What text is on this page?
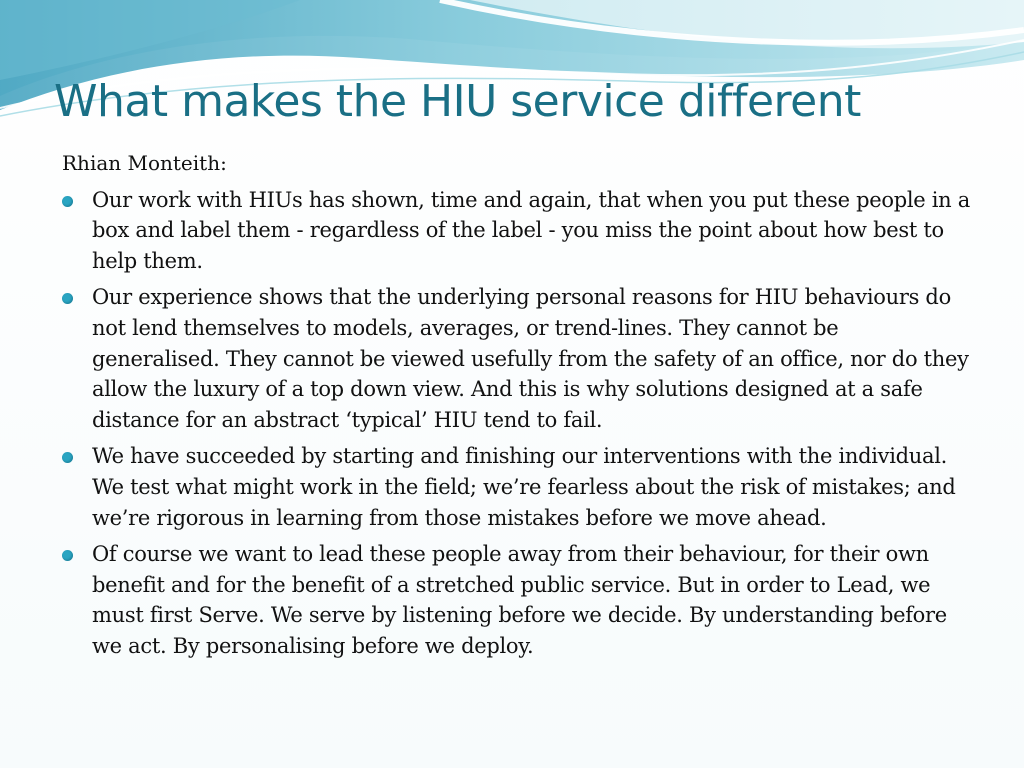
What makes the HIU service different

Rhian Monteith:

Our work with HIUs has shown, time and again, that when you put these people in a box and label them - regardless of the label - you miss the point about how best to help them.
Our experience shows that the underlying personal reasons for HIU behaviours do not lend themselves to models, averages, or trend-lines. They cannot be generalised. They cannot be viewed usefully from the safety of an office, nor do they allow the luxury of a top down view. And this is why solutions designed at a safe distance for an abstract ‘typical’ HIU tend to fail.
We have succeeded by starting and finishing our interventions with the individual. We test what might work in the field; we’re fearless about the risk of mistakes; and we’re rigorous in learning from those mistakes before we move ahead.
Of course we want to lead these people away from their behaviour, for their own benefit and for the benefit of a stretched public service. But in order to Lead, we must first Serve. We serve by listening before we decide. By understanding before we act. By personalising before we deploy.
